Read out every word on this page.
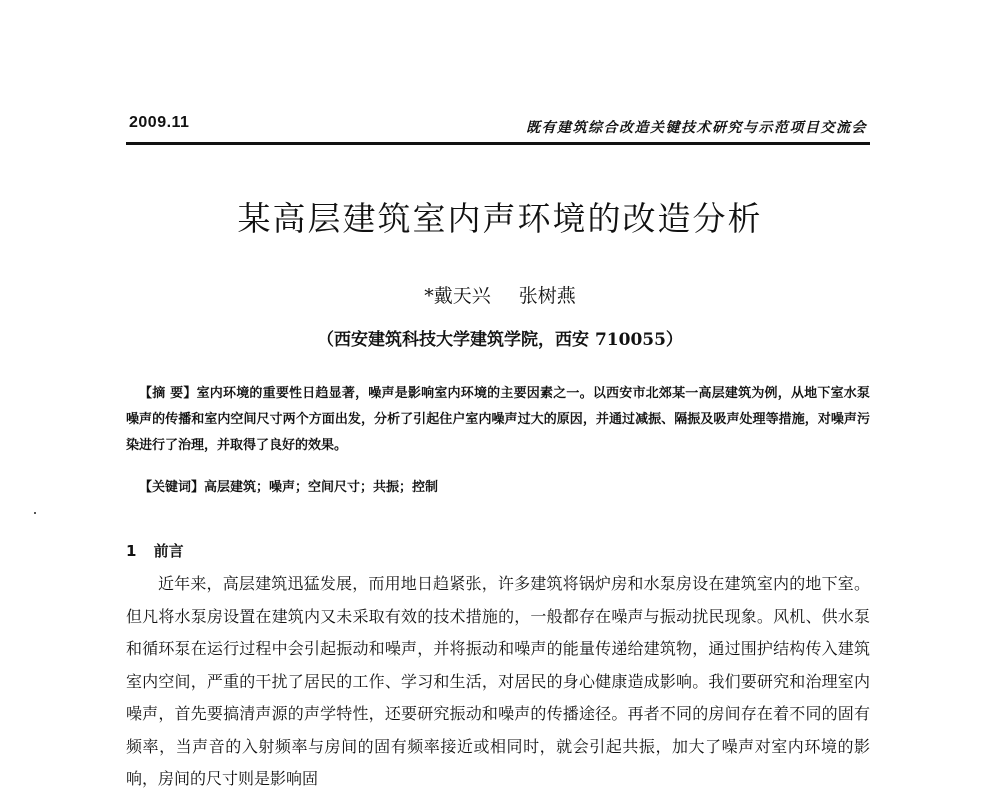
2009.11	既有建筑综合改造关键技术研究与示范项目交流会
某高层建筑室内声环境的改造分析
*戴天兴 张树燕
（西安建筑科技大学建筑学院，西安 710055）
【摘 要】室内环境的重要性日趋显著，噪声是影响室内环境的主要因素之一。以西安市北郊某一高层建筑为例，从地下室水泵噪声的传播和室内空间尺寸两个方面出发，分析了引起住户室内噪声过大的原因，并通过减振、隔振及吸声处理等措施，对噪声污染进行了治理，并取得了良好的效果。
【关键词】高层建筑；噪声；空间尺寸；共振；控制
1 前言
近年来，高层建筑迅猛发展，而用地日趋紧张，许多建筑将锅炉房和水泵房设在建筑室内的地下室。但凡将水泵房设置在建筑内又未采取有效的技术措施的，一般都存在噪声与振动扰民现象。风机、供水泵和循环泵在运行过程中会引起振动和噪声，并将振动和噪声的能量传递给建筑物，通过围护结构传入建筑室内空间，严重的干扰了居民的工作、学习和生活，对居民的身心健康造成影响。我们要研究和治理室内噪声，首先要搞清声源的声学特性，还要研究振动和噪声的传播途径。再者不同的房间存在着不同的固有频率，当声音的入射频率与房间的固有频率接近或相同时，就会引起共振，加大了噪声对室内环境的影响，房间的尺寸则是影响固
